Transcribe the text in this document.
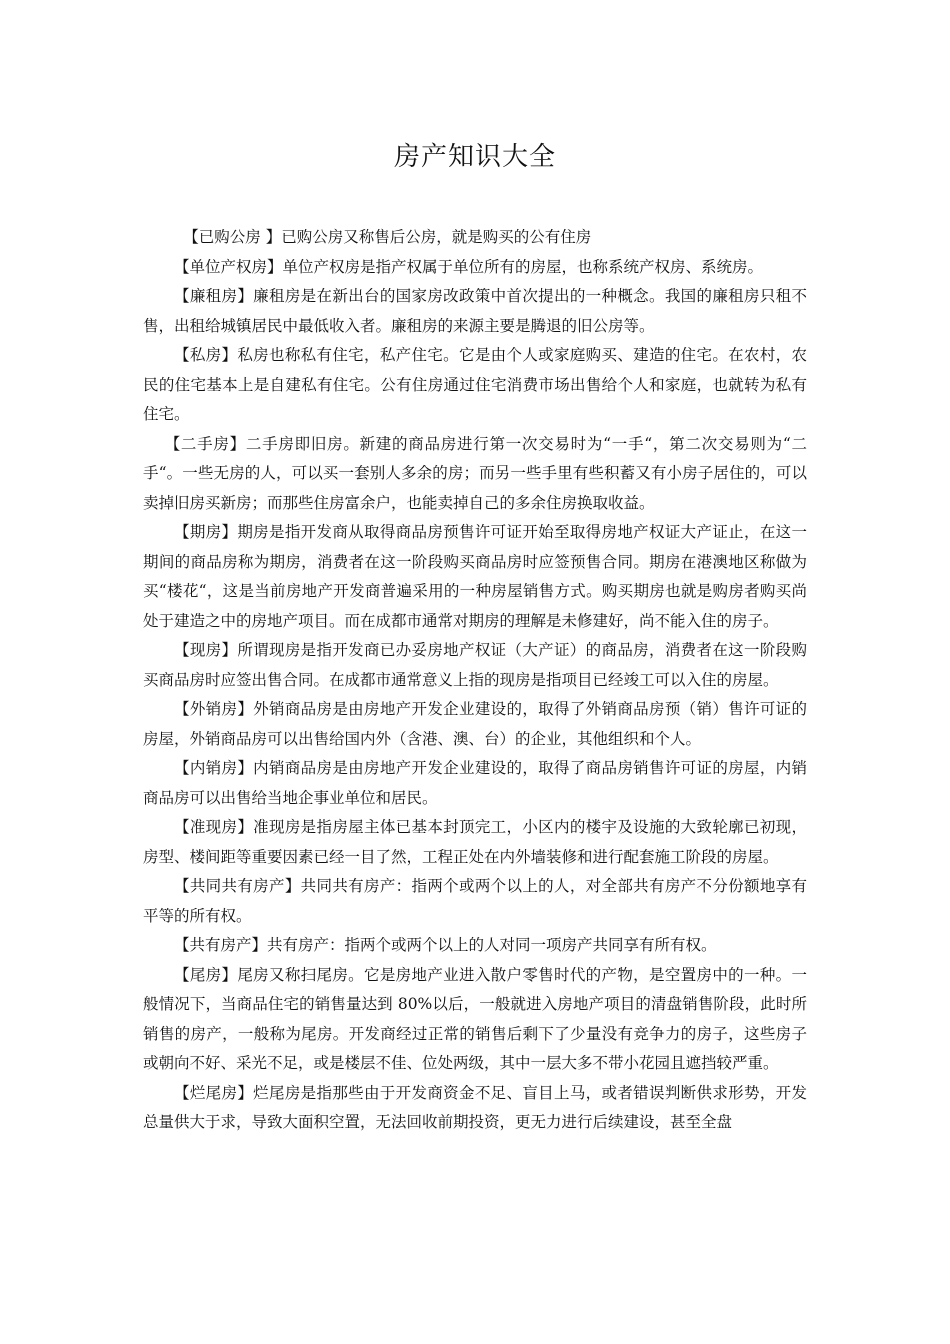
房产知识大全

【已购公房 】已购公房又称售后公房，就是购买的公有住房

【单位产权房】单位产权房是指产权属于单位所有的房屋，也称系统产权房、系统房。

【廉租房】廉租房是在新出台的国家房改政策中首次提出的一种概念。我国的廉租房只租不售，出租给城镇居民中最低收入者。廉租房的来源主要是腾退的旧公房等。

【私房】私房也称私有住宅，私产住宅。它是由个人或家庭购买、建造的住宅。在农村，农民的住宅基本上是自建私有住宅。公有住房通过住宅消费市场出售给个人和家庭，也就转为私有住宅。

【二手房】二手房即旧房。新建的商品房进行第一次交易时为“一手“，第二次交易则为“二手“。一些无房的人，可以买一套别人多余的房；而另一些手里有些积蓄又有小房子居住的，可以卖掉旧房买新房；而那些住房富余户，也能卖掉自己的多余住房换取收益。

【期房】期房是指开发商从取得商品房预售许可证开始至取得房地产权证大产证止，在这一期间的商品房称为期房，消费者在这一阶段购买商品房时应签预售合同。期房在港澳地区称做为买“楼花“，这是当前房地产开发商普遍采用的一种房屋销售方式。购买期房也就是购房者购买尚处于建造之中的房地产项目。而在成都市通常对期房的理解是未修建好，尚不能入住的房子。

【现房】所谓现房是指开发商已办妥房地产权证（大产证）的商品房，消费者在这一阶段购买商品房时应签出售合同。在成都市通常意义上指的现房是指项目已经竣工可以入住的房屋。

【外销房】外销商品房是由房地产开发企业建设的，取得了外销商品房预（销）售许可证的房屋，外销商品房可以出售给国内外（含港、澳、台）的企业，其他组织和个人。

【内销房】内销商品房是由房地产开发企业建设的，取得了商品房销售许可证的房屋，内销商品房可以出售给当地企事业单位和居民。

【准现房】准现房是指房屋主体已基本封顶完工，小区内的楼宇及设施的大致轮廓已初现，房型、楼间距等重要因素已经一目了然，工程正处在内外墙装修和进行配套施工阶段的房屋。

【共同共有房产】共同共有房产：指两个或两个以上的人，对全部共有房产不分份额地享有平等的所有权。

【共有房产】共有房产：指两个或两个以上的人对同一项房产共同享有所有权。

【尾房】尾房又称扫尾房。它是房地产业进入散户零售时代的产物，是空置房中的一种。一般情况下，当商品住宅的销售量达到 80%以后，一般就进入房地产项目的清盘销售阶段，此时所销售的房产，一般称为尾房。开发商经过正常的销售后剩下了少量没有竞争力的房子，这些房子或朝向不好、采光不足，或是楼层不佳、位处两级，其中一层大多不带小花园且遮挡较严重。

【烂尾房】烂尾房是指那些由于开发商资金不足、盲目上马，或者错误判断供求形势，开发总量供大于求，导致大面积空置，无法回收前期投资，更无力进行后续建设，甚至全盘
